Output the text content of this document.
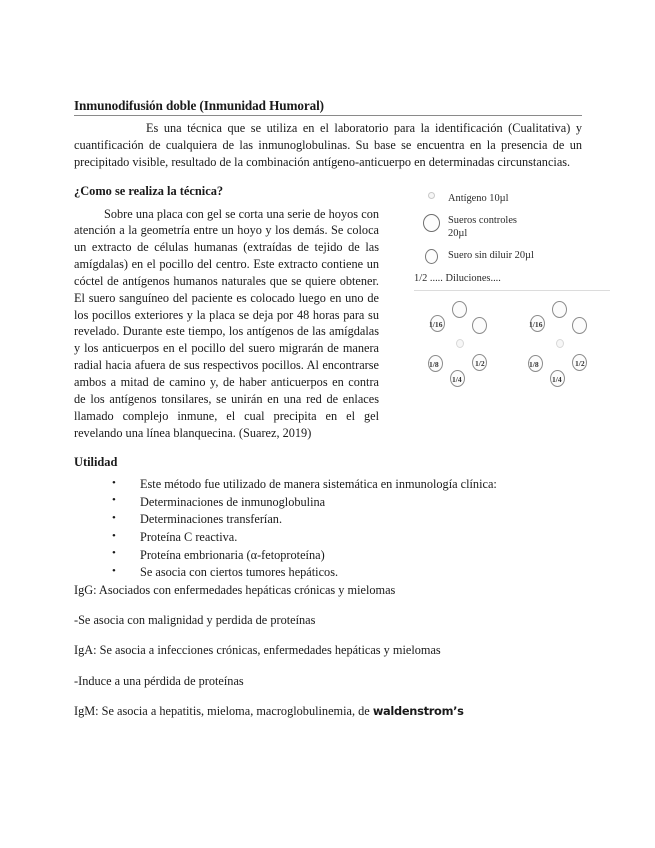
Inmunodifusión doble (Inmunidad Humoral)

Es una técnica que se utiliza en el laboratorio para la identificación (Cualitativa) y cuantificación de cualquiera de las inmunoglobulinas. Su base se encuentra en la presencia de un precipitado visible, resultado de la combinación antígeno-anticuerpo en determinadas circunstancias.

¿Como se realiza la técnica?

Sobre una placa con gel se corta una serie de hoyos con atención a la geometría entre un hoyo y los demás. Se coloca un extracto de células humanas (extraídas de tejido de las amígdalas) en el pocillo del centro. Este extracto contiene un cóctel de antígenos humanos naturales que se quiere obtener. El suero sanguíneo del paciente es colocado luego en uno de los pocillos exteriores y la placa se deja por 48 horas para su revelado. Durante este tiempo, los antígenos de las amígdalas y los anticuerpos en el pocillo del suero migrarán de manera radial hacia afuera de sus respectivos pocillos. Al encontrarse ambos a mitad de camino y, de haber anticuerpos en contra de los antígenos tonsilares, se unirán en una red de enlaces llamado complejo inmune, el cual precipita en el gel revelando una línea blanquecina. (Suarez, 2019)

Antígeno 10µl
Sueros controles
20µl
Suero sin diluir 20µl
1/2 ..... Diluciones....
1/16
1/8
1/4
1/2
1/16
1/8
1/4
1/2
Utilidad
• Este método fue utilizado de manera sistemática en inmunología clínica:
• Determinaciones de inmunoglobulina
• Determinaciones transferían.
• Proteína C reactiva.
• Proteína embrionaria (α-fetoproteína)
• Se asocia con ciertos tumores hepáticos.

IgG: Asociados con enfermedades hepáticas crónicas y mielomas

-Se asocia con malignidad y perdida de proteínas

IgA: Se asocia a infecciones crónicas, enfermedades hepáticas y mielomas

-Induce a una pérdida de proteínas

IgM: Se asocia a hepatitis, mieloma, macroglobulinemia, de waldenstrom’s
